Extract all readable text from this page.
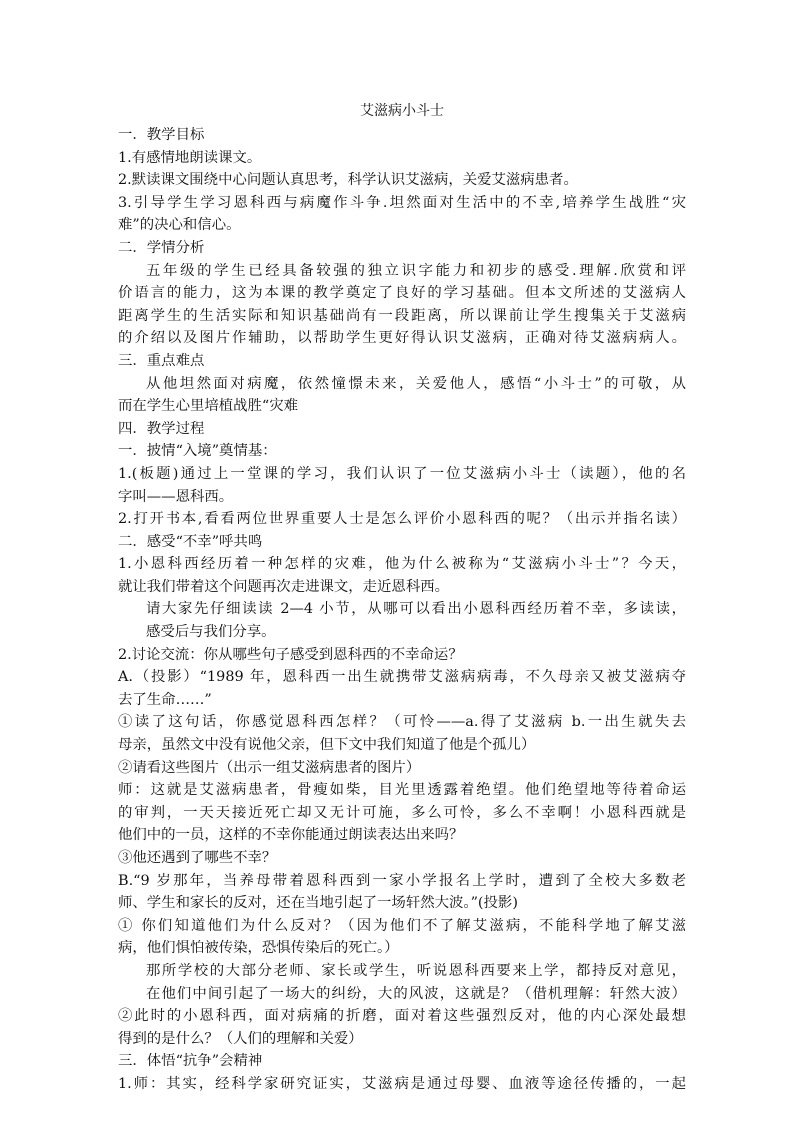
艾滋病小斗士

一．教学目标

1.有感情地朗读课文。

2.默读课文围绕中心问题认真思考，科学认识艾滋病，关爱艾滋病患者。

3.引导学生学习恩科西与病魔作斗争.坦然面对生活中的不幸,培养学生战胜“灾

难”的决心和信心。

二．学情分析

五年级的学生已经具备较强的独立识字能力和初步的感受.理解.欣赏和评

价语言的能力，这为本课的教学奠定了良好的学习基础。但本文所述的艾滋病人

距离学生的生活实际和知识基础尚有一段距离，所以课前让学生搜集关于艾滋病

的介绍以及图片作辅助，以帮助学生更好得认识艾滋病，正确对待艾滋病病人。

三．重点难点

从他坦然面对病魔，依然憧憬未来，关爱他人，感悟“小斗士”的可敬，从

而在学生心里培植战胜“灾难

四．教学过程

一．披情“入境”奠情基：

1.(板题)通过上一堂课的学习，我们认识了一位艾滋病小斗士（读题），他的名

字叫——恩科西。

2.打开书本,看看两位世界重要人士是怎么评价小恩科西的呢？（出示并指名读）

二．感受“不幸”呼共鸣

1.小恩科西经历着一种怎样的灾难，他为什么被称为“艾滋病小斗士”？今天，

就让我们带着这个问题再次走进课文，走近恩科西。

请大家先仔细读读 2—4 小节，从哪可以看出小恩科西经历着不幸，多读读，

感受后与我们分享。

2.讨论交流：你从哪些句子感受到恩科西的不幸命运？

A.（投影）“1989 年，恩科西一出生就携带艾滋病病毒，不久母亲又被艾滋病夺

去了生命……”

①读了这句话，你感觉恩科西怎样？（可怜——a.得了艾滋病 b.一出生就失去

母亲，虽然文中没有说他父亲，但下文中我们知道了他是个孤儿）

②请看这些图片（出示一组艾滋病患者的图片）

师：这就是艾滋病患者，骨瘦如柴，目光里透露着绝望。他们绝望地等待着命运

的审判，一天天接近死亡却又无计可施，多么可怜，多么不幸啊！小恩科西就是

他们中的一员，这样的不幸你能通过朗读表达出来吗？

③他还遇到了哪些不幸？

B.“9 岁那年，当养母带着恩科西到一家小学报名上学时，遭到了全校大多数老

师、学生和家长的反对，还在当地引起了一场轩然大波。”(投影)

① 你们知道他们为什么反对？（因为他们不了解艾滋病，不能科学地了解艾滋

病，他们惧怕被传染，恐惧传染后的死亡。）

那所学校的大部分老师、家长或学生，听说恩科西要来上学，都持反对意见，

在他们中间引起了一场大的纠纷，大的风波，这就是？（借机理解：轩然大波）

②此时的小恩科西，面对病痛的折磨，面对着这些强烈反对，他的内心深处最想

得到的是什么？（人们的理解和关爱）

三．体悟“抗争”会精神

1.师：其实，经科学家研究证实，艾滋病是通过母婴、血液等途径传播的，一起
